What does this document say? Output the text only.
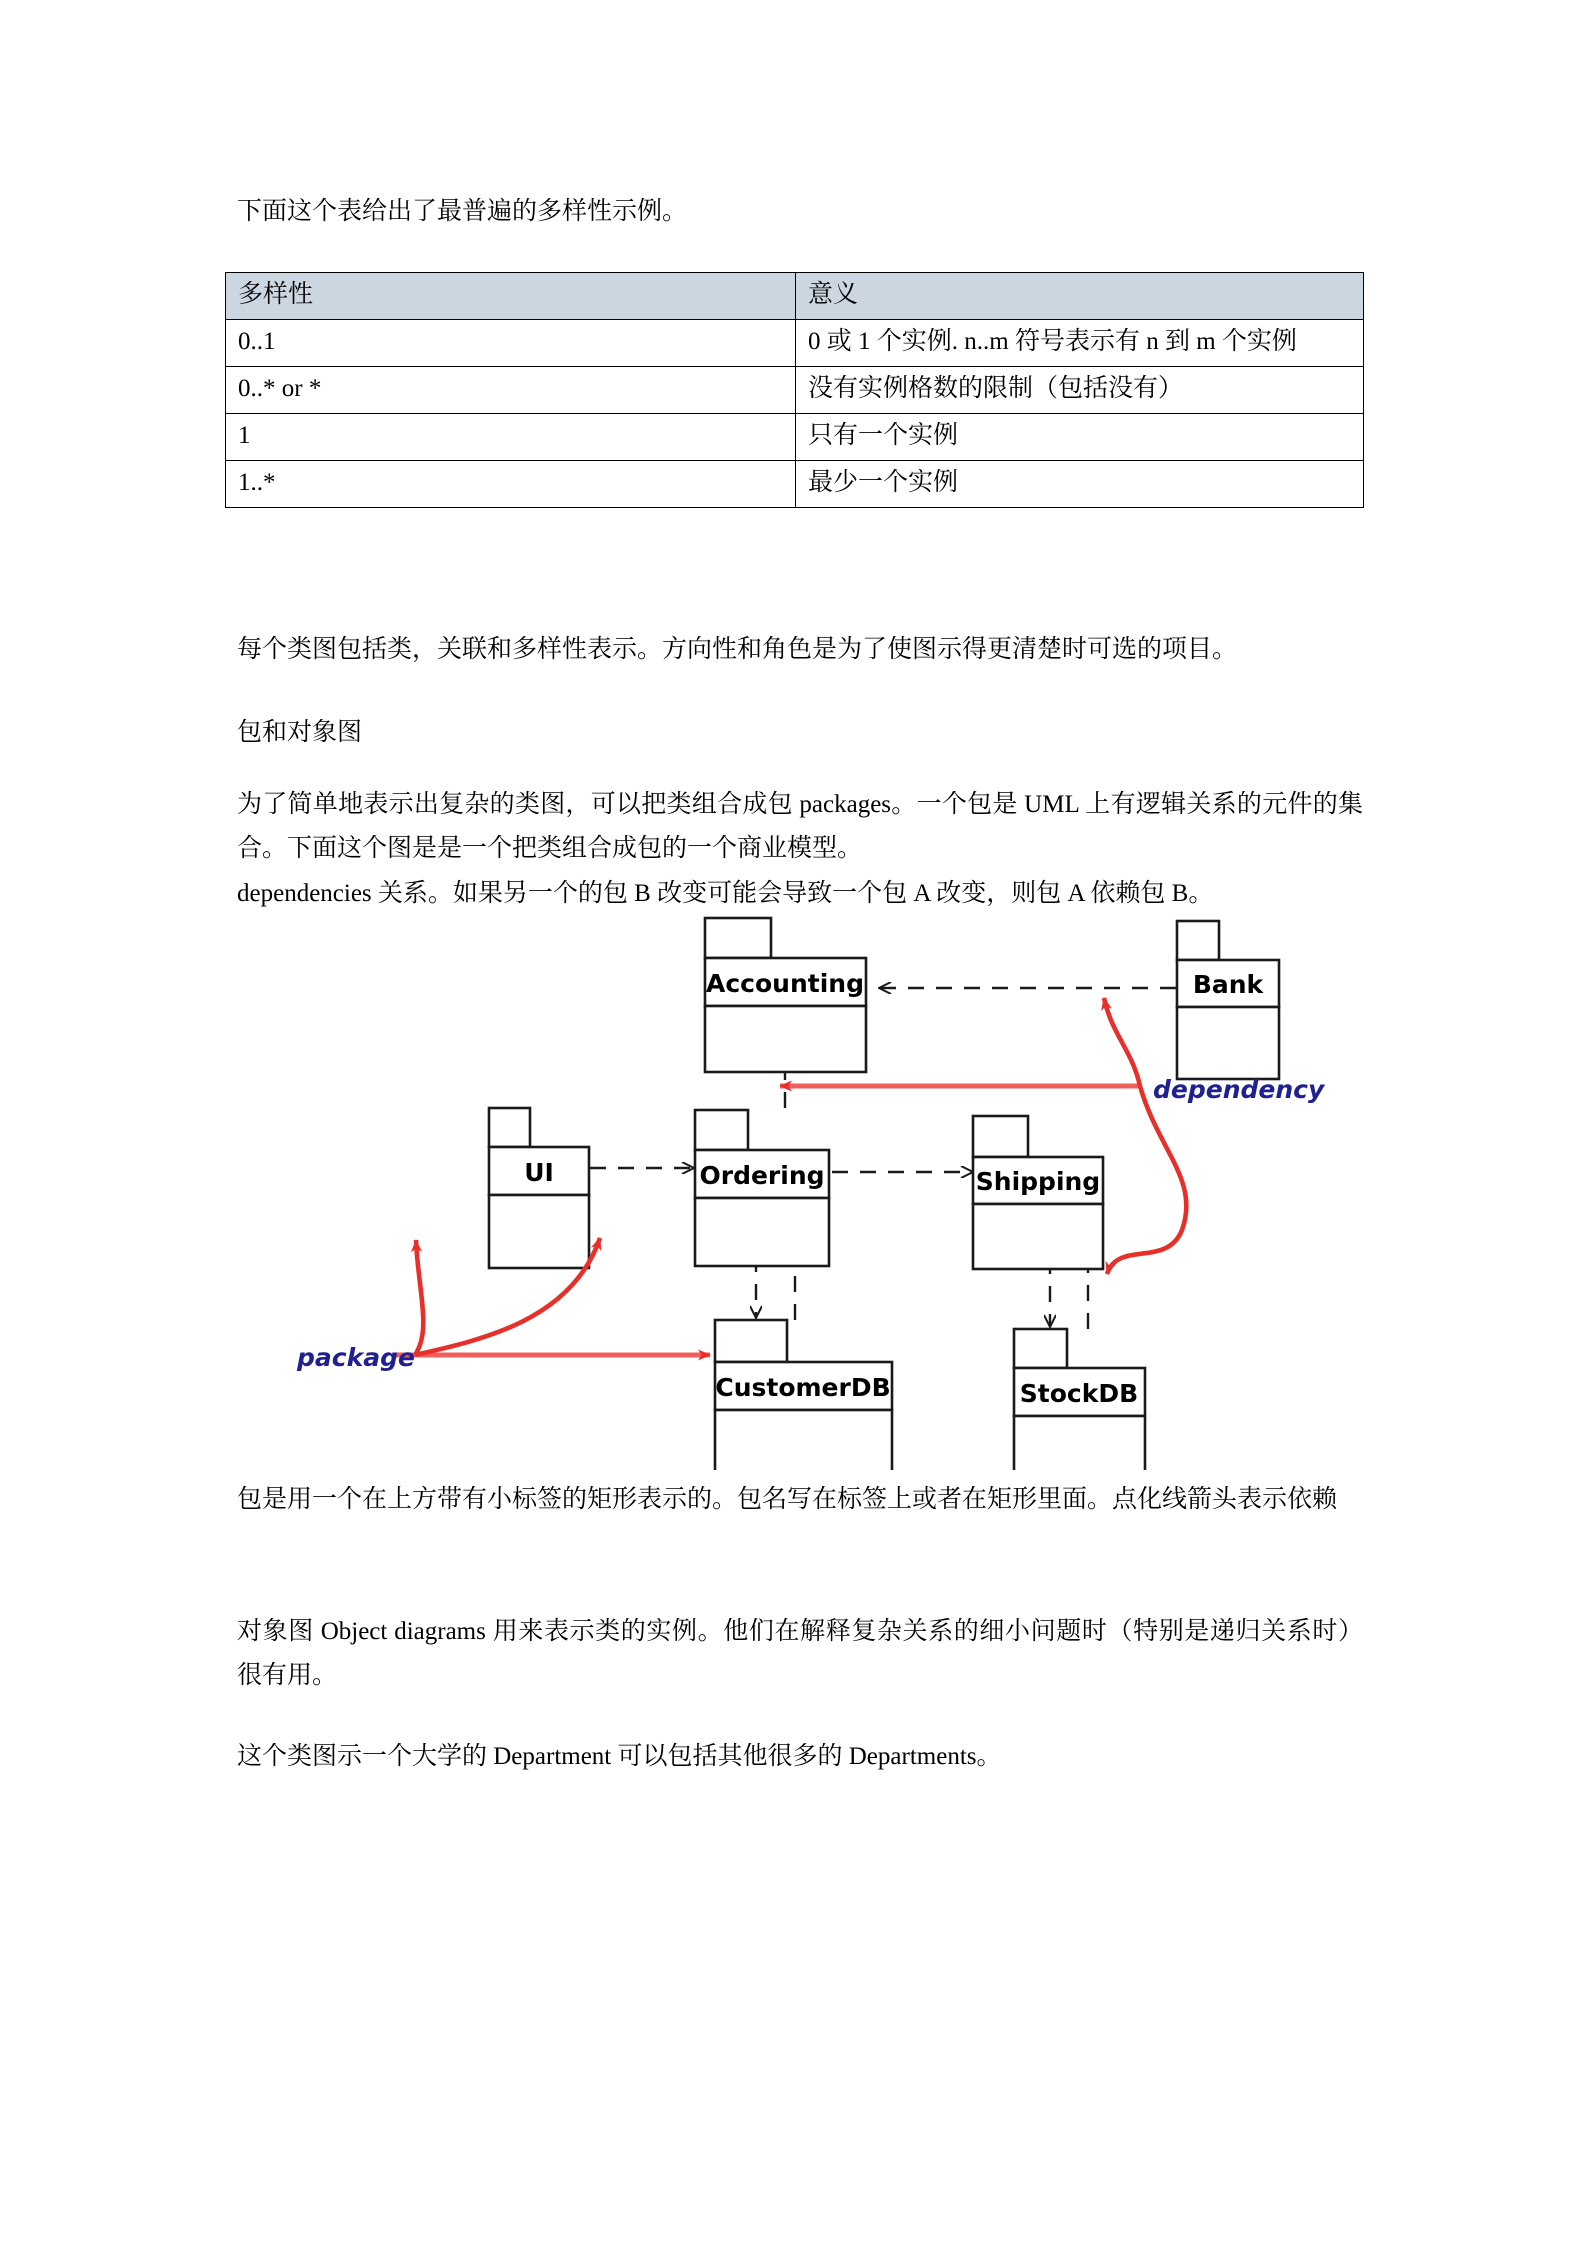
下面这个表给出了最普遍的多样性示例。

多样性	意义
0..1	0 或 1 个实例. n..m 符号表示有 n 到 m 个实例
0..* or *	没有实例格数的限制（包括没有）
1	只有一个实例
1..*	最少一个实例

每个类图包括类，关联和多样性表示。方向性和角色是为了使图示得更清楚时可选的项目。

包和对象图

为了简单地表示出复杂的类图，可以把类组合成包 packages。一个包是 UML 上有逻辑关系的元件的集合。下面这个图是是一个把类组合成包的一个商业模型。

dependencies 关系。如果另一个的包 B 改变可能会导致一个包 A 改变，则包 A 依赖包 B。

Accounting	Bank
UI	Ordering	Shipping
CustomerDB	StockDB
dependency
package

包是用一个在上方带有小标签的矩形表示的。包名写在标签上或者在矩形里面。点化线箭头表示依赖

对象图 Object diagrams 用来表示类的实例。他们在解释复杂关系的细小问题时（特别是递归关系时）很有用。

这个类图示一个大学的 Department 可以包括其他很多的 Departments。
